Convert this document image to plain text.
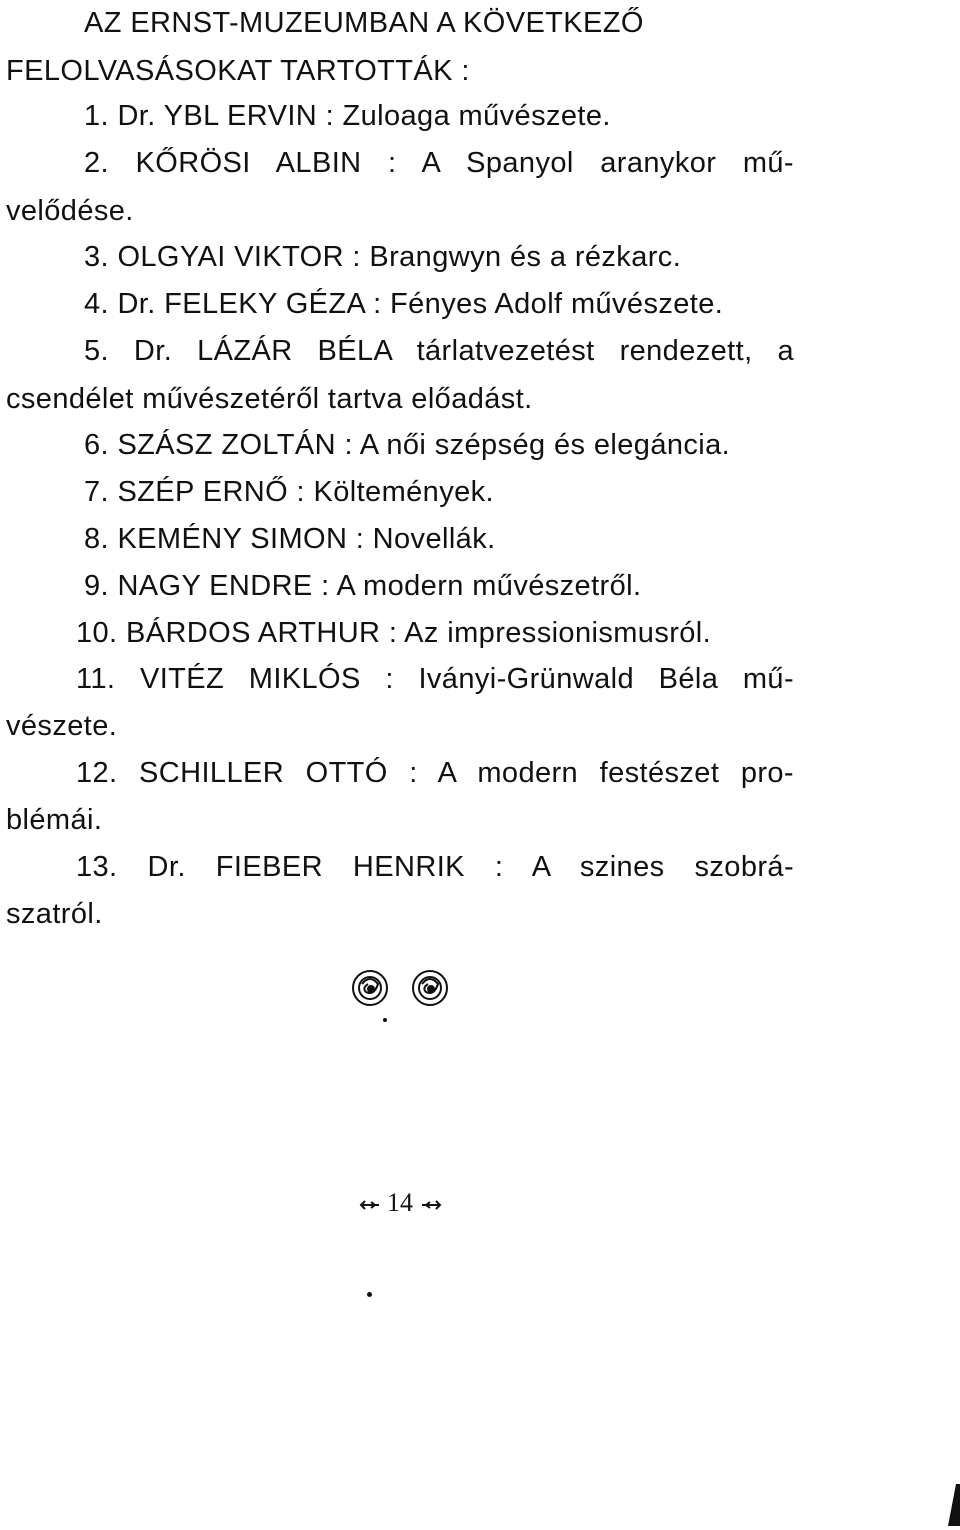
AZ ERNST-MUZEUMBAN A KÖVETKEZŐ
FELOLVASÁSOKAT TARTOTTÁK :
1. Dr. YBL ERVIN : Zuloaga művészete.
2. KŐRÖSI ALBIN : A Spanyol aranykor mű-
velődése.
3. OLGYAI VIKTOR : Brangwyn és a rézkarc.
4. Dr. FELEKY GÉZA : Fényes Adolf művészete.
5. Dr. LÁZÁR BÉLA tárlatvezetést rendezett, a
csendélet művészetéről tartva előadást.
6. SZÁSZ ZOLTÁN : A női szépség és elegáncia.
7. SZÉP ERNŐ : Költemények.
8. KEMÉNY SIMON : Novellák.
9. NAGY ENDRE : A modern művészetről.
10. BÁRDOS ARTHUR : Az impressionismusról.
11. VITÉZ MIKLÓS : Iványi-Grünwald Béla mű-
vészete.
12. SCHILLER OTTÓ : A modern festészet pro-
blémái.
13. Dr. FIEBER HENRIK : A szines szobrá-
szatról.
14
